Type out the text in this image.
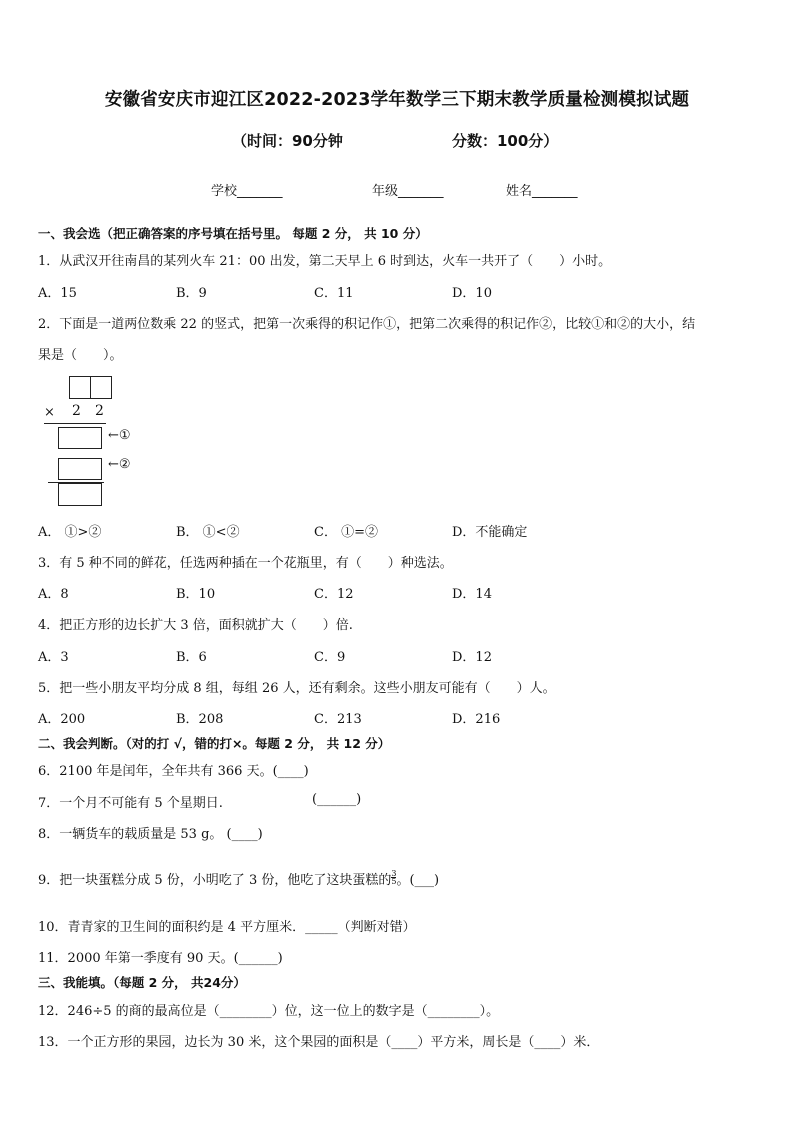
安徽省安庆市迎江区2022-2023学年数学三下期末教学质量检测模拟试题
（时间：90分钟	分数：100分）
学校_______	年级_______	姓名_______
一、我会选（把正确答案的序号填在括号里。 每题 2 分， 共 10 分）
1．从武汉开往南昌的某列火车 21：00 出发，第二天早上 6 时到达，火车一共开了（　　）小时。
A．15	B．9	C．11	D．10
2．下面是一道两位数乘 22 的竖式，把第一次乘得的积记作①，把第二次乘得的积记作②，比较①和②的大小，结
果是（　　）。
× 2 2
←①
←②
A． ①>②	B． ①<②	C． ①=②	D．不能确定
3．有 5 种不同的鲜花，任选两种插在一个花瓶里，有（　　）种选法。
A．8	B．10	C．12	D．14
4．把正方形的边长扩大 3 倍，面积就扩大（　　）倍.
A．3	B．6	C．9	D．12
5．把一些小朋友平均分成 8 组，每组 26 人，还有剩余。这些小朋友可能有（　　）人。
A．200	B．208	C．213	D．216
二、我会判断。（对的打 √，错的打×。每题 2 分， 共 12 分）
6．2100 年是闰年，全年共有 366 天。(____)
7．一个月不可能有 5 个星期日.	(______)
8．一辆货车的载质量是 53 g。 (____)
9．把一块蛋糕分成 5 份，小明吃了 3 份，他吃了这块蛋糕的 $\frac{3}{5}$ 。(___)
10．青青家的卫生间的面积约是 4 平方厘米．_____（判断对错）
11．2000 年第一季度有 90 天。(______)
三、我能填。（每题 2 分， 共24分）
12．246÷5 的商的最高位是（________）位，这一位上的数字是（________）。
13．一个正方形的果园，边长为 30 米，这个果园的面积是（____）平方米，周长是（____）米．
